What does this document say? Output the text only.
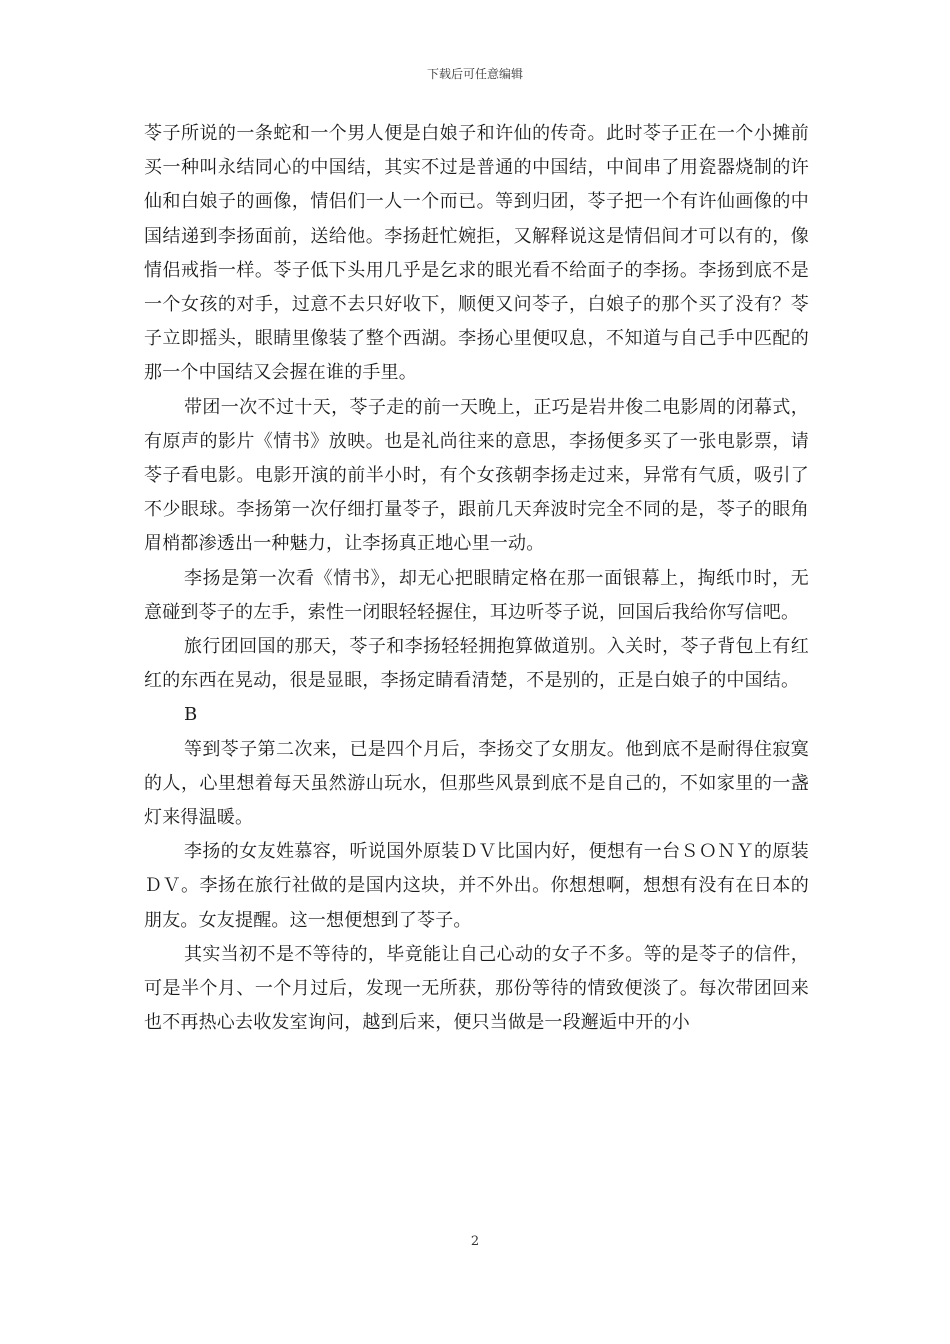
下载后可任意编辑

苓子所说的一条蛇和一个男人便是白娘子和许仙的传奇。此时苓子正在一个小摊前买一种叫永结同心的中国结，其实不过是普通的中国结，中间串了用瓷器烧制的许仙和白娘子的画像，情侣们一人一个而已。等到归团，苓子把一个有许仙画像的中国结递到李扬面前，送给他。李扬赶忙婉拒，又解释说这是情侣间才可以有的，像情侣戒指一样。苓子低下头用几乎是乞求的眼光看不给面子的李扬。李扬到底不是一个女孩的对手，过意不去只好收下，顺便又问苓子，白娘子的那个买了没有？苓子立即摇头，眼睛里像装了整个西湖。李扬心里便叹息，不知道与自己手中匹配的那一个中国结又会握在谁的手里。

带团一次不过十天，苓子走的前一天晚上，正巧是岩井俊二电影周的闭幕式，有原声的影片《情书》放映。也是礼尚往来的意思，李扬便多买了一张电影票，请苓子看电影。电影开演的前半小时，有个女孩朝李扬走过来，异常有气质，吸引了不少眼球。李扬第一次仔细打量苓子，跟前几天奔波时完全不同的是，苓子的眼角眉梢都渗透出一种魅力，让李扬真正地心里一动。

李扬是第一次看《情书》，却无心把眼睛定格在那一面银幕上，掏纸巾时，无意碰到苓子的左手，索性一闭眼轻轻握住，耳边听苓子说，回国后我给你写信吧。

旅行团回国的那天，苓子和李扬轻轻拥抱算做道别。入关时，苓子背包上有红红的东西在晃动，很是显眼，李扬定睛看清楚，不是别的，正是白娘子的中国结。

B

等到苓子第二次来，已是四个月后，李扬交了女朋友。他到底不是耐得住寂寞的人，心里想着每天虽然游山玩水，但那些风景到底不是自己的，不如家里的一盏灯来得温暖。

李扬的女友姓慕容，听说国外原装ＤＶ比国内好，便想有一台ＳＯＮＹ的原装ＤＶ。李扬在旅行社做的是国内这块，并不外出。你想想啊，想想有没有在日本的朋友。女友提醒。这一想便想到了苓子。

其实当初不是不等待的，毕竟能让自己心动的女子不多。等的是苓子的信件，可是半个月、一个月过后，发现一无所获，那份等待的情致便淡了。每次带团回来也不再热心去收发室询问，越到后来，便只当做是一段邂逅中开的小

2
